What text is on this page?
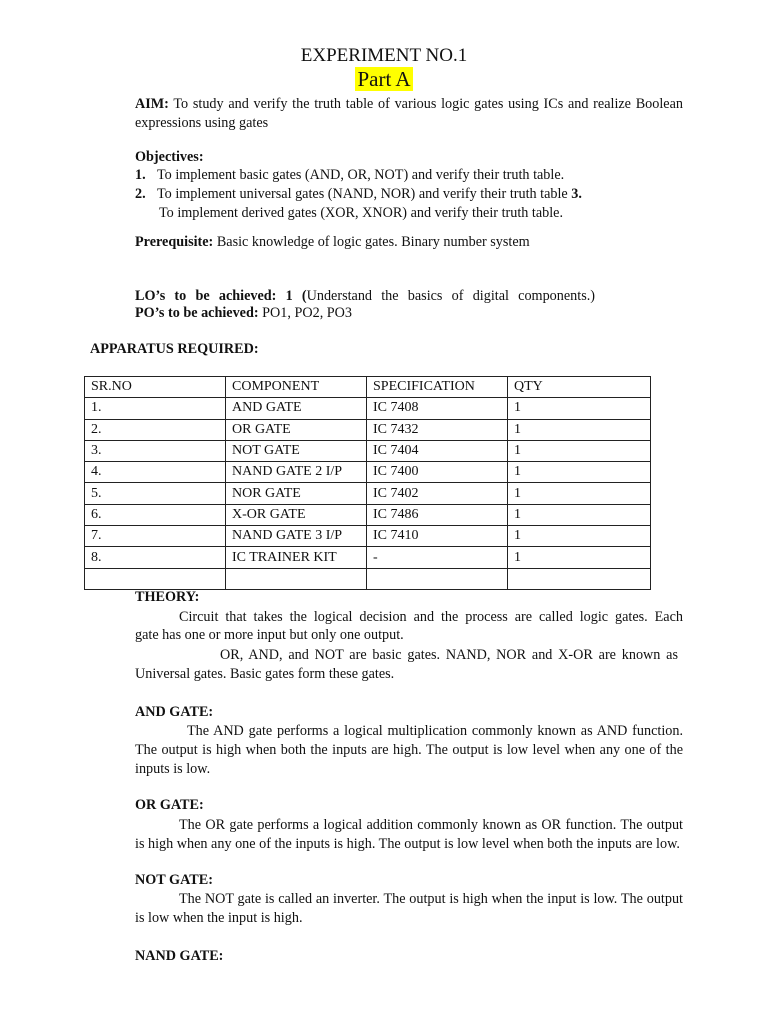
EXPERIMENT NO.1
Part A
AIM: To study and verify the truth table of various logic gates using ICs and realize Boolean expressions using gates
Objectives:
1. To implement basic gates (AND, OR, NOT) and verify their truth table.
2. To implement universal gates (NAND, NOR) and verify their truth table 3.
To implement derived gates (XOR, XNOR) and verify their truth table.
Prerequisite: Basic knowledge of logic gates. Binary number system
LO’s to be achieved: 1 (Understand the basics of digital components.)
PO’s to be achieved: PO1, PO2, PO3
APPARATUS REQUIRED:
SR.NO	COMPONENT	SPECIFICATION	QTY
1.	AND GATE	IC 7408	1
2.	OR GATE	IC 7432	1
3.	NOT GATE	IC 7404	1
4.	NAND GATE 2 I/P	IC 7400	1
5.	NOR GATE	IC 7402	1
6.	X-OR GATE	IC 7486	1
7.	NAND GATE 3 I/P	IC 7410	1
8.	IC TRAINER KIT	-	1

THEORY:
Circuit that takes the logical decision and the process are called logic gates. Each
gate has one or more input but only one output.
OR, AND, and NOT are basic gates. NAND, NOR and X-OR are known as
Universal gates. Basic gates form these gates.
AND GATE:
The AND gate performs a logical multiplication commonly known as AND function. The output is high when both the inputs are high. The output is low level when any one of the inputs is low.
OR GATE:
The OR gate performs a logical addition commonly known as OR function. The output is high when any one of the inputs is high. The output is low level when both the inputs are low.
NOT GATE:
The NOT gate is called an inverter. The output is high when the input is low. The output is low when the input is high.
NAND GATE:
